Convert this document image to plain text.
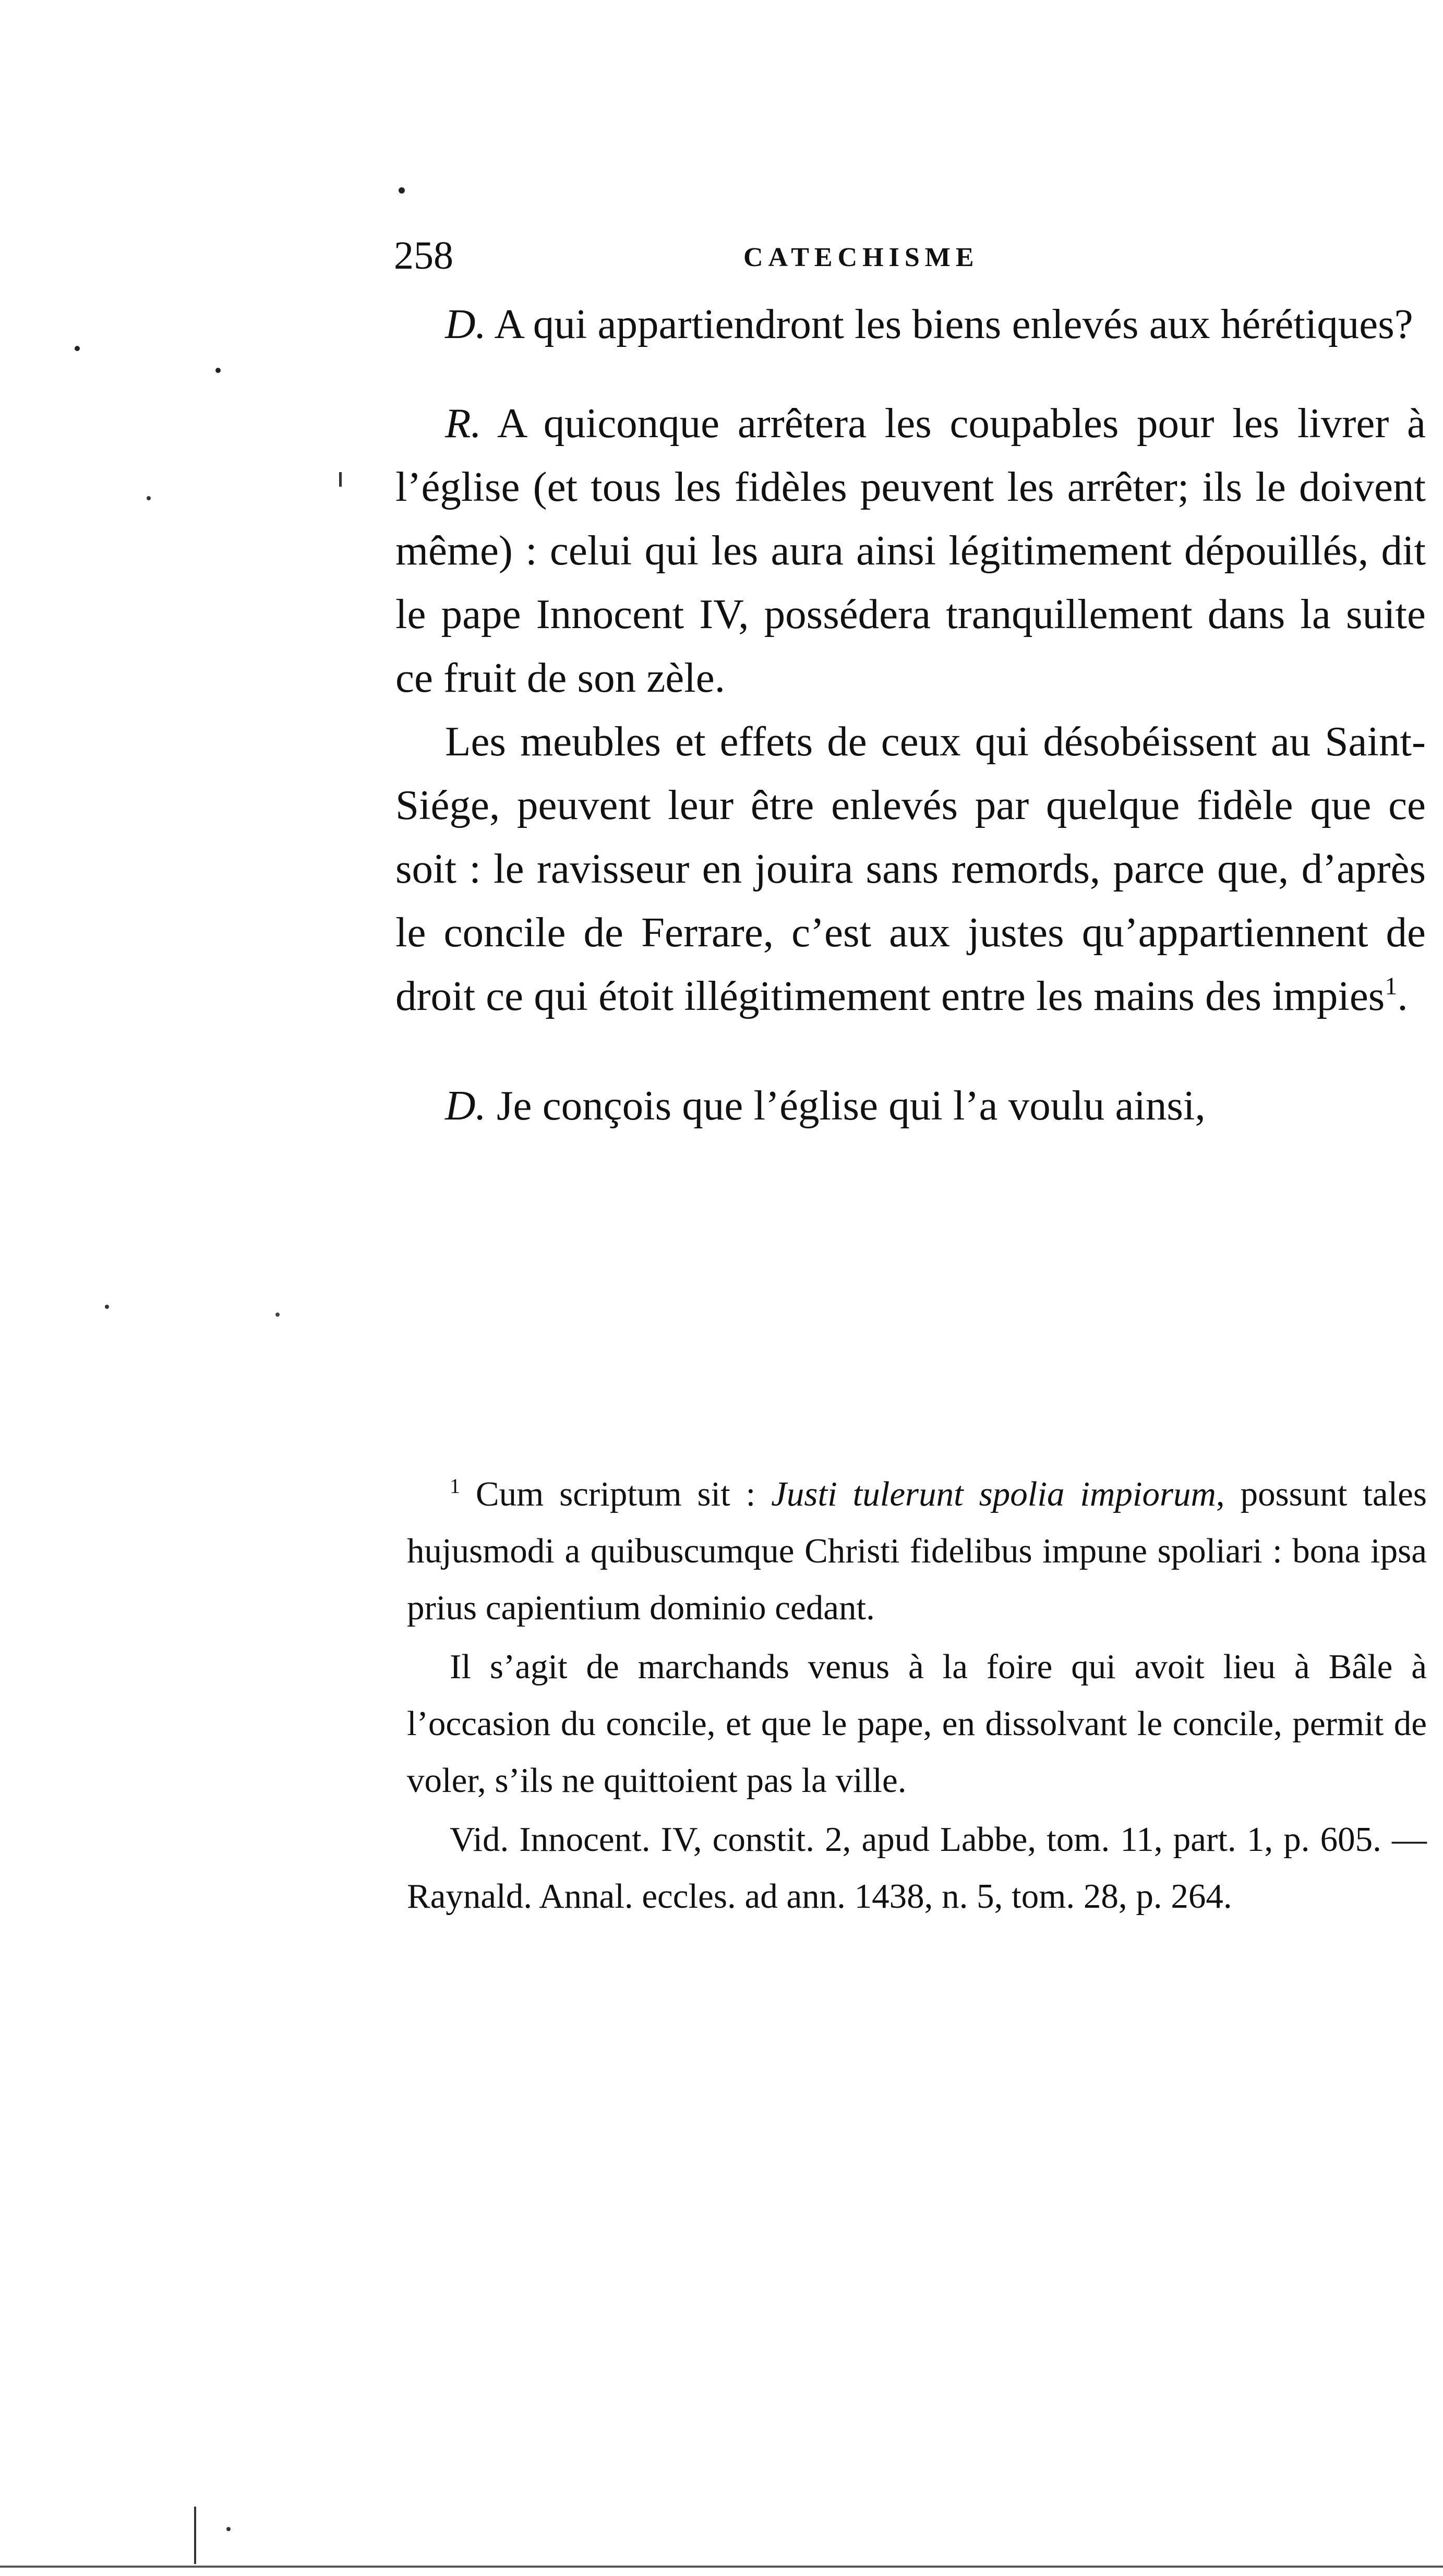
258	CATECHISME

D. A qui appartiendront les biens enlevés aux hérétiques?

R. A quiconque arrêtera les coupables pour les livrer à l’église (et tous les fidèles peuvent les arrêter; ils le doivent même) : celui qui les aura ainsi légitimement dépouillés, dit le pape Innocent IV, possédera tranquillement dans la suite ce fruit de son zèle.

Les meubles et effets de ceux qui désobéissent au Saint-Siége, peuvent leur être enlevés par quelque fidèle que ce soit : le ravisseur en jouira sans remords, parce que, d’après le concile de Ferrare, c’est aux justes qu’appartiennent de droit ce qui étoit illégitimement entre les mains des impies$^1$.

D. Je conçois que l’église qui l’a voulu ainsi,

$^1$ Cum scriptum sit : Justi tulerunt spolia impiorum, possunt tales hujusmodi a quibuscumque Christi fidelibus impune spoliari : bona ipsa prius capientium dominio cedant.

Il s’agit de marchands venus à la foire qui avoit lieu à Bâle à l’occasion du concile, et que le pape, en dissolvant le concile, permit de voler, s’ils ne quittoient pas la ville.

Vid. Innocent. IV, constit. 2, apud Labbe, tom. 11, part. 1, p. 605. — Raynald. Annal. eccles. ad ann. 1438, n. 5, tom. 28, p. 264.
